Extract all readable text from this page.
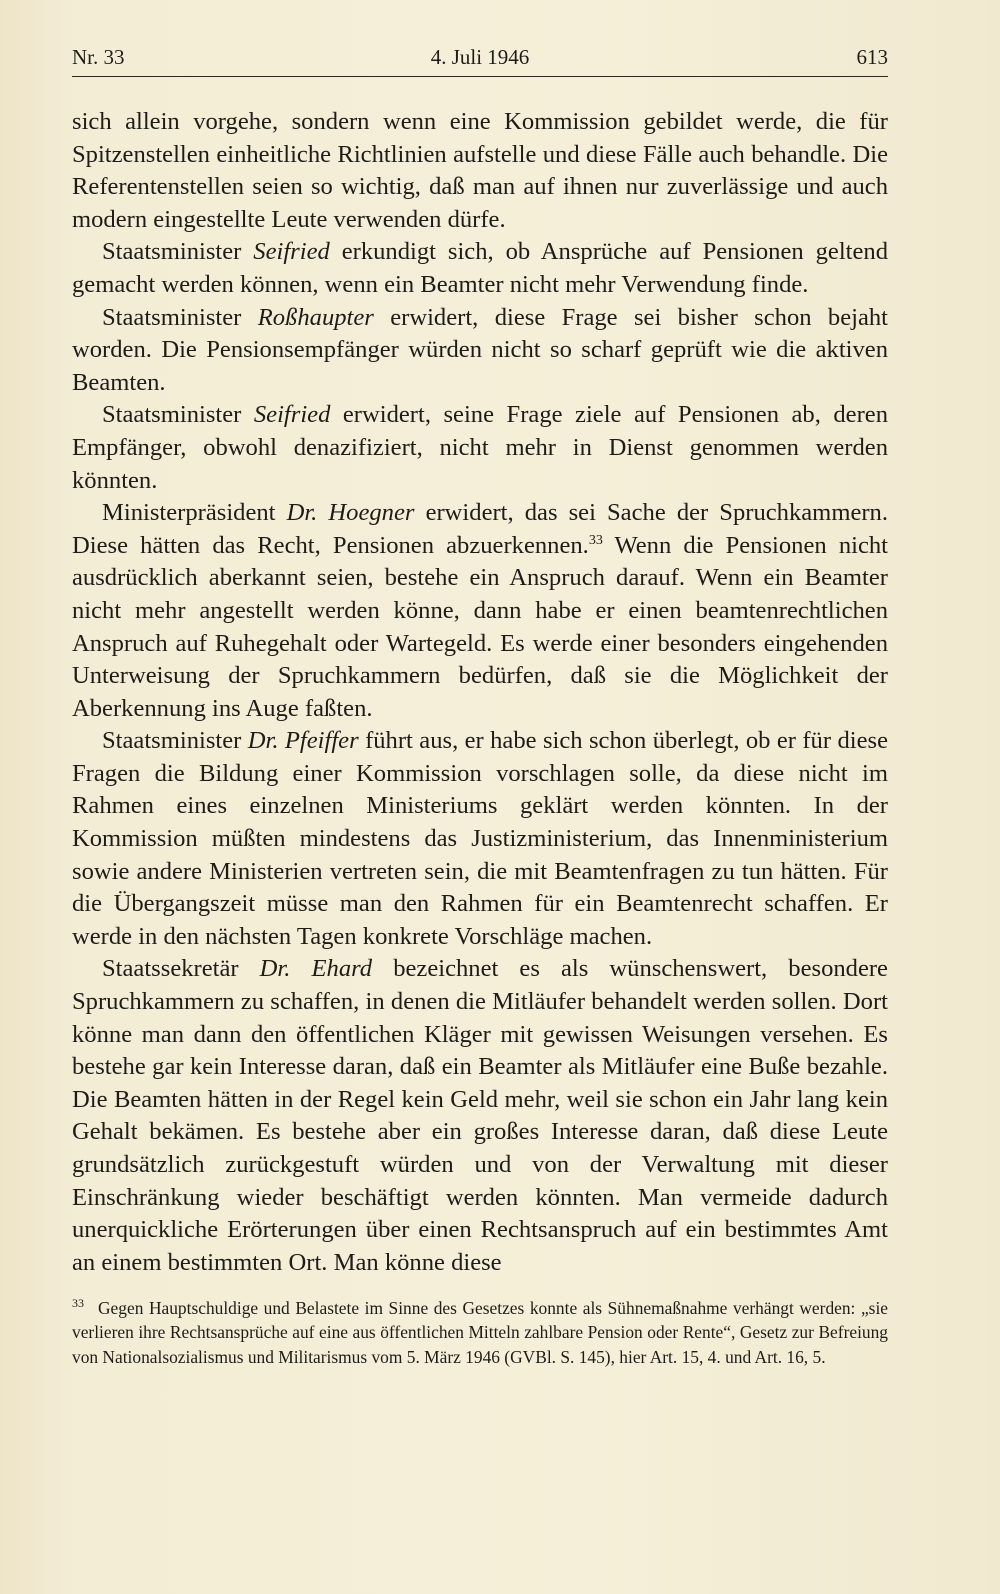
Nr. 33	4. Juli 1946	613

sich allein vorgehe, sondern wenn eine Kommission gebildet werde, die für Spitzenstellen einheitliche Richtlinien aufstelle und diese Fälle auch behandle. Die Referentenstellen seien so wichtig, daß man auf ihnen nur zuverlässige und auch modern eingestellte Leute verwenden dürfe.

Staatsminister Seifried erkundigt sich, ob Ansprüche auf Pensionen geltend gemacht werden können, wenn ein Beamter nicht mehr Verwendung finde.

Staatsminister Roßhaupter erwidert, diese Frage sei bisher schon bejaht worden. Die Pensionsempfänger würden nicht so scharf geprüft wie die aktiven Beamten.

Staatsminister Seifried erwidert, seine Frage ziele auf Pensionen ab, deren Empfänger, obwohl denazifiziert, nicht mehr in Dienst genommen werden könnten.

Ministerpräsident Dr. Hoegner erwidert, das sei Sache der Spruchkammern. Diese hätten das Recht, Pensionen abzuerkennen.$^{33}$ Wenn die Pensionen nicht ausdrücklich aberkannt seien, bestehe ein Anspruch darauf. Wenn ein Beamter nicht mehr angestellt werden könne, dann habe er einen beamtenrechtlichen Anspruch auf Ruhegehalt oder Wartegeld. Es werde einer besonders eingehenden Unterweisung der Spruchkammern bedürfen, daß sie die Möglichkeit der Aberkennung ins Auge faßten.

Staatsminister Dr. Pfeiffer führt aus, er habe sich schon überlegt, ob er für diese Fragen die Bildung einer Kommission vorschlagen solle, da diese nicht im Rahmen eines einzelnen Ministeriums geklärt werden könnten. In der Kommission müßten mindestens das Justizministerium, das Innenministerium sowie andere Ministerien vertreten sein, die mit Beamtenfragen zu tun hätten. Für die Übergangszeit müsse man den Rahmen für ein Beamtenrecht schaffen. Er werde in den nächsten Tagen konkrete Vorschläge machen.

Staatssekretär Dr. Ehard bezeichnet es als wünschenswert, besondere Spruchkammern zu schaffen, in denen die Mitläufer behandelt werden sollen. Dort könne man dann den öffentlichen Kläger mit gewissen Weisungen versehen. Es bestehe gar kein Interesse daran, daß ein Beamter als Mitläufer eine Buße bezahle. Die Beamten hätten in der Regel kein Geld mehr, weil sie schon ein Jahr lang kein Gehalt bekämen. Es bestehe aber ein großes Interesse daran, daß diese Leute grundsätzlich zurückgestuft würden und von der Verwaltung mit dieser Einschränkung wieder beschäftigt werden könnten. Man vermeide dadurch unerquickliche Erörterungen über einen Rechtsanspruch auf ein bestimmtes Amt an einem bestimmten Ort. Man könne diese

33 Gegen Hauptschuldige und Belastete im Sinne des Gesetzes konnte als Sühnemaßnahme verhängt werden: „sie verlieren ihre Rechtsansprüche auf eine aus öffentlichen Mitteln zahlbare Pension oder Rente“, Gesetz zur Befreiung von Nationalsozialismus und Militarismus vom 5. März 1946 (GVBl. S. 145), hier Art. 15, 4. und Art. 16, 5.
